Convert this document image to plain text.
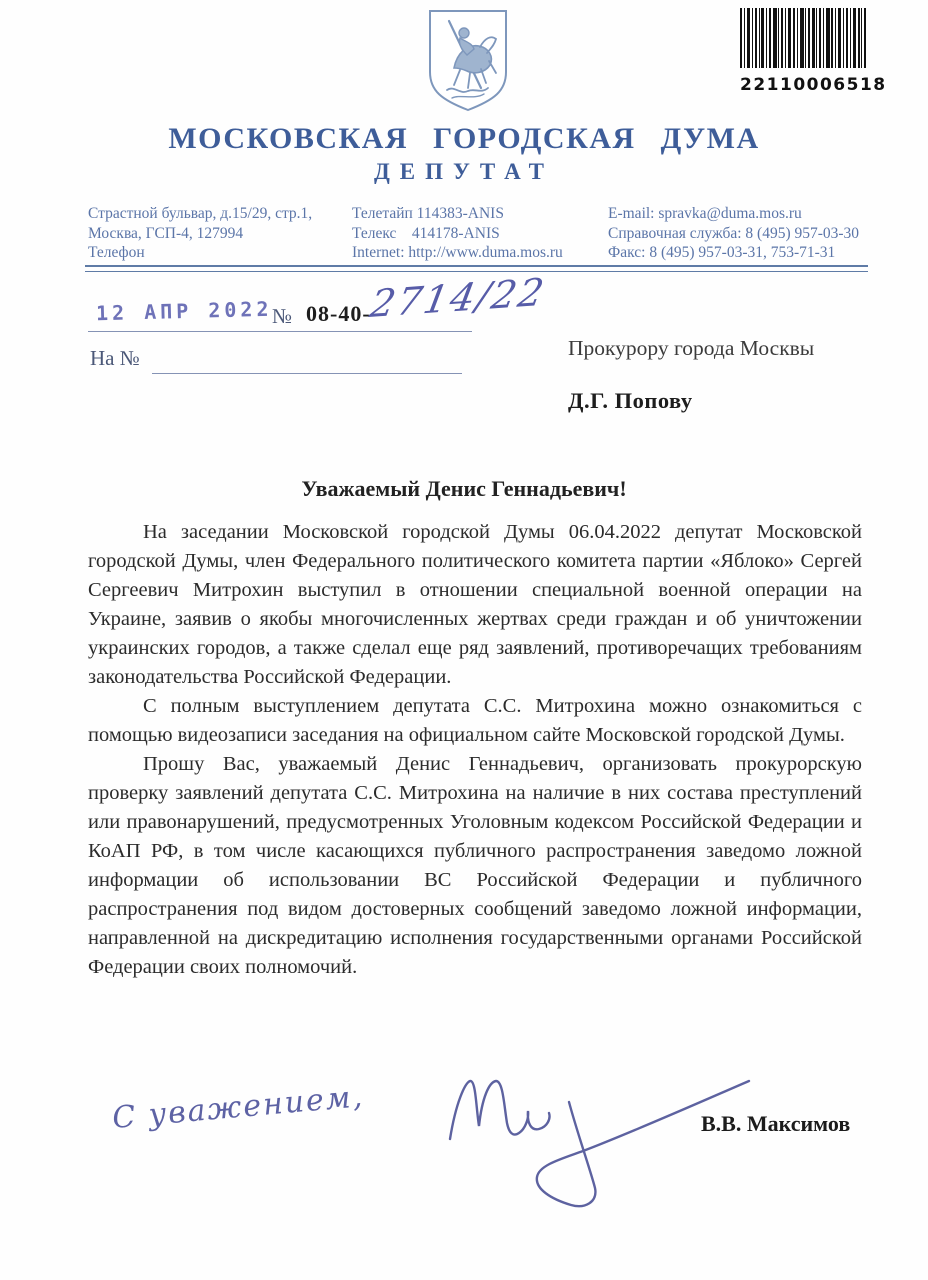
22110006518
МОСКОВСКАЯ ГОРОДСКАЯ ДУМА
ДЕПУТАТ
Страстной бульвар, д.15/29, стр.1,
Москва, ГСП-4, 127994
Телефон
Телетайп 114383-ANIS
Телекс    414178-ANIS
Internet: http://www.duma.mos.ru
E-mail: spravka@duma.mos.ru
Справочная служба: 8 (495) 957-03-30
Факс: 8 (495) 957-03-31, 753-71-31
12 АПР 2022 № 08-40-
2714/22
На №	Прокурору города Москвы
Д.Г. Попову
Уважаемый Денис Геннадьевич!

На заседании Московской городской Думы 06.04.2022 депутат Московской городской Думы, член Федерального политического комитета партии «Яблоко» Сергей Сергеевич Митрохин выступил в отношении специальной военной операции на Украине, заявив о якобы многочисленных жертвах среди граждан и об уничтожении украинских городов, а также сделал еще ряд заявлений, противоречащих требованиям законодательства Российской Федерации.

С полным выступлением депутата С.С. Митрохина можно ознакомиться с помощью видеозаписи заседания на официальном сайте Московской городской Думы.

Прошу Вас, уважаемый Денис Геннадьевич, организовать прокурорскую проверку заявлений депутата С.С. Митрохина на наличие в них состава преступлений или правонарушений, предусмотренных Уголовным кодексом Российской Федерации и КоАП РФ, в том числе касающихся публичного распространения заведомо ложной информации об использовании ВС Российской Федерации и публичного распространения под видом достоверных сообщений заведомо ложной информации, направленной на дискредитацию исполнения государственными органами Российской Федерации своих полномочий.

С уважением,	В.В. Максимов
